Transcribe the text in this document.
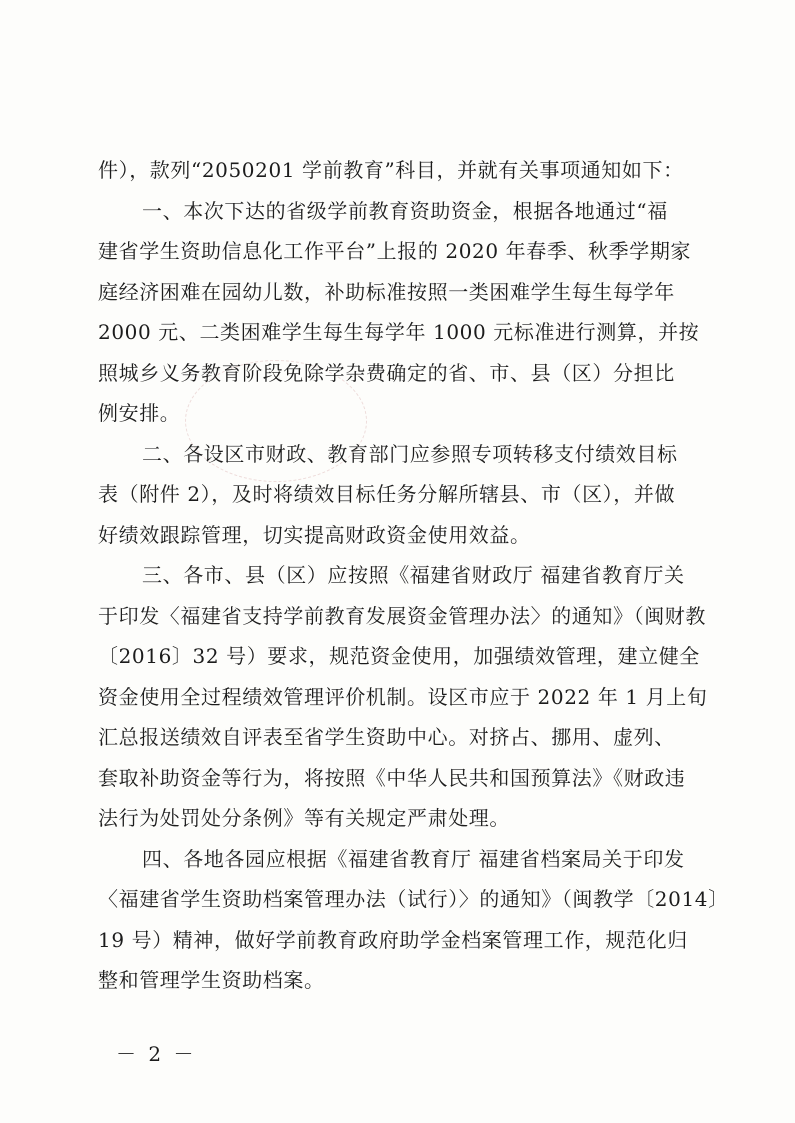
件），款列“2050201 学前教育”科目，并就有关事项通知如下：
一、本次下达的省级学前教育资助资金，根据各地通过“福
建省学生资助信息化工作平台”上报的 2020 年春季、秋季学期家
庭经济困难在园幼儿数，补助标准按照一类困难学生每生每学年
2000 元、二类困难学生每生每学年 1000 元标准进行测算，并按
照城乡义务教育阶段免除学杂费确定的省、市、县（区）分担比
例安排。
二、各设区市财政、教育部门应参照专项转移支付绩效目标
表（附件 2），及时将绩效目标任务分解所辖县、市（区），并做
好绩效跟踪管理，切实提高财政资金使用效益。
三、各市、县（区）应按照《福建省财政厅 福建省教育厅关
于印发〈福建省支持学前教育发展资金管理办法〉的通知》（闽财教
〔2016〕32 号）要求，规范资金使用，加强绩效管理，建立健全
资金使用全过程绩效管理评价机制。设区市应于 2022 年 1 月上旬
汇总报送绩效自评表至省学生资助中心。对挤占、挪用、虚列、
套取补助资金等行为，将按照《中华人民共和国预算法》《财政违
法行为处罚处分条例》等有关规定严肃处理。
四、各地各园应根据《福建省教育厅 福建省档案局关于印发
〈福建省学生资助档案管理办法（试行）〉的通知》（闽教学〔2014〕
19 号）精神，做好学前教育政府助学金档案管理工作，规范化归
整和管理学生资助档案。
－ 2 －
